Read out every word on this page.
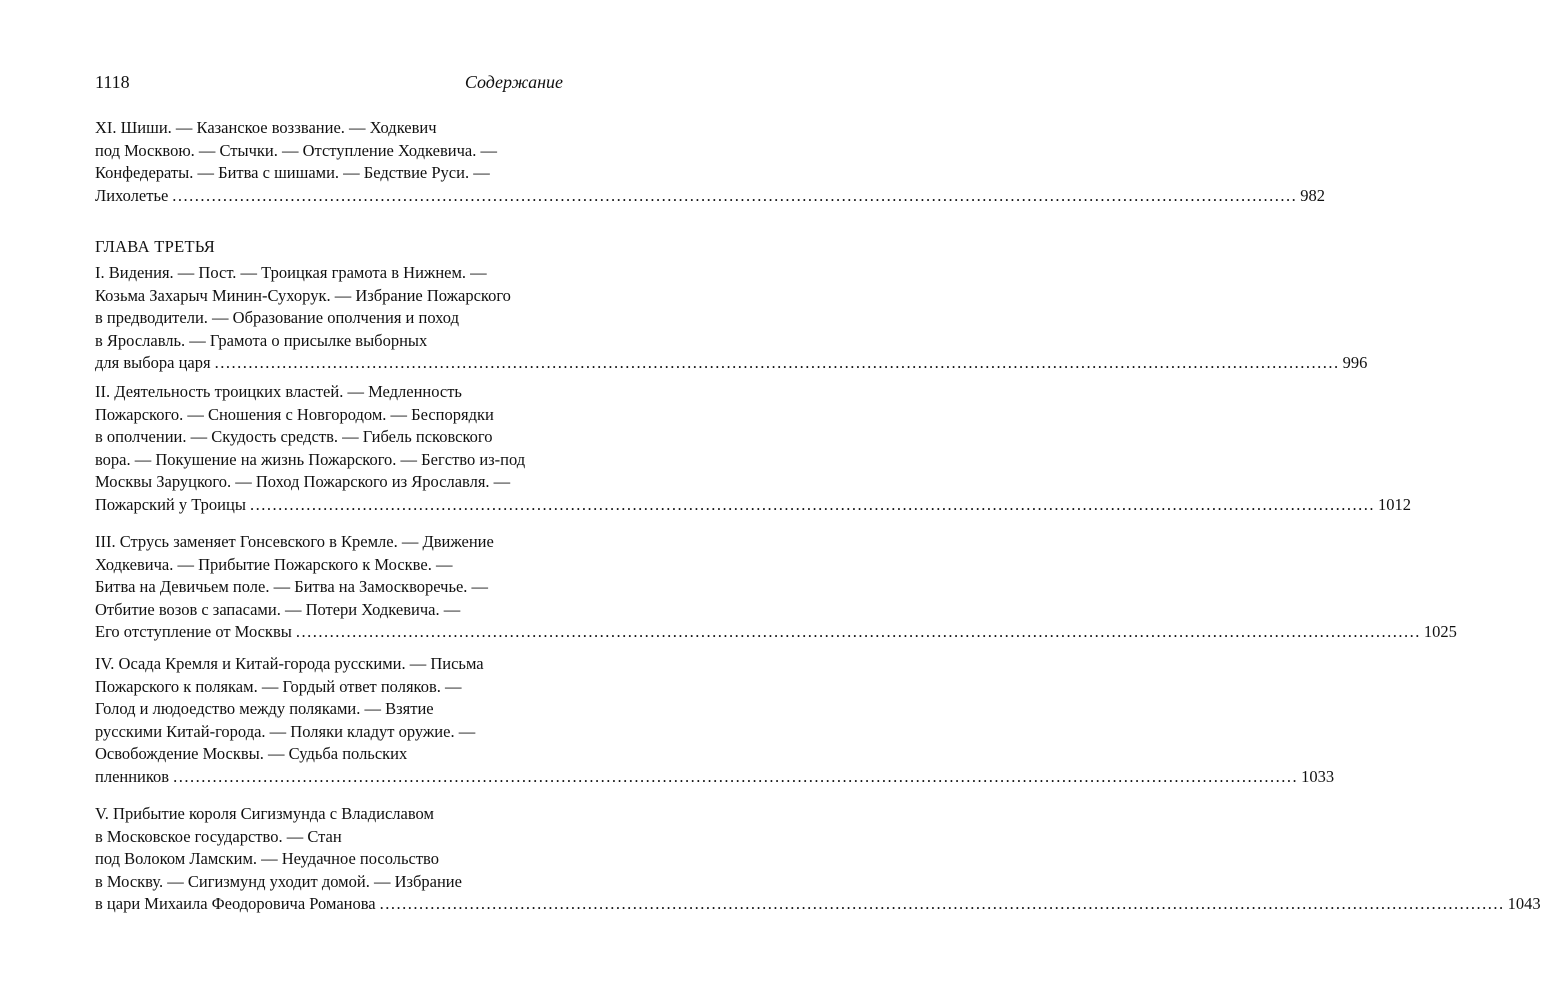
1118	Содержание
ГЛАВА ТРЕТЬЯ
XI. Шиши. — Казанское воззвание. — Ходкевич
под Москвою. — Стычки. — Отступление Ходкевича. —
Конфедераты. — Битва с шишами. — Бедствие Руси. —
Лихолетье ........................................................................................................................................................................................................ 982
I. Видения. — Пост. — Троицкая грамота в Нижнем. —
Козьма Захарыч Минин-Сухорук. — Избрание Пожарского
в предводители. — Образование ополчения и поход
в Ярославль. — Грамота о присылке выборных
для выбора царя ........................................................................................................................................................................................................ 996
II. Деятельность троицких властей. — Медленность
Пожарского. — Сношения с Новгородом. — Беспорядки
в ополчении. — Скудость средств. — Гибель псковского
вора. — Покушение на жизнь Пожарского. — Бегство из-под
Москвы Заруцкого. — Поход Пожарского из Ярославля. —
Пожарский у Троицы ........................................................................................................................................................................................................ 1012
III. Струсь заменяет Гонсевского в Кремле. — Движение
Ходкевича. — Прибытие Пожарского к Москве. —
Битва на Девичьем поле. — Битва на Замоскворечье. —
Отбитие возов с запасами. — Потери Ходкевича. —
Его отступление от Москвы ........................................................................................................................................................................................................ 1025
IV. Осада Кремля и Китай-города русскими. — Письма
Пожарского к полякам. — Гордый ответ поляков. —
Голод и людоедство между поляками. — Взятие
русскими Китай-города. — Поляки кладут оружие. —
Освобождение Москвы. — Судьба польских
пленников ........................................................................................................................................................................................................ 1033
V. Прибытие короля Сигизмунда с Владиславом
в Московское государство. — Стан
под Волоком Ламским. — Неудачное посольство
в Москву. — Сигизмунд уходит домой. — Избрание
в цари Михаила Феодоровича Романова ........................................................................................................................................................................................................ 1043
